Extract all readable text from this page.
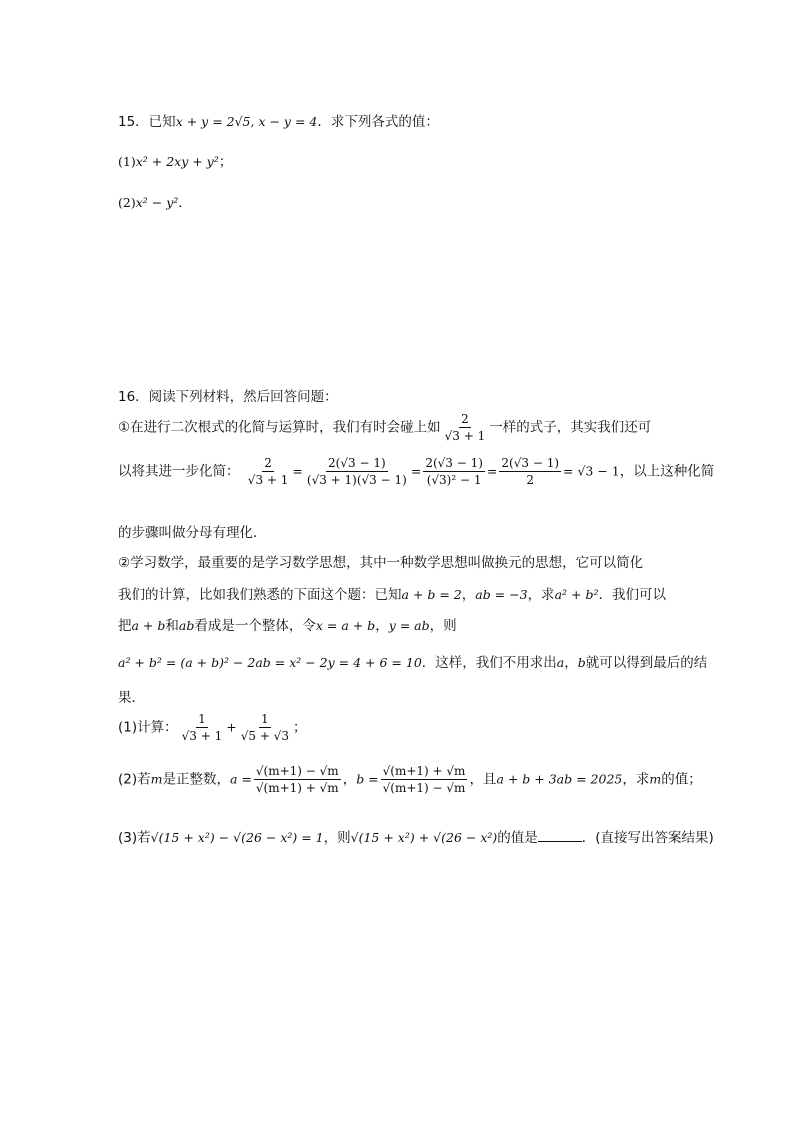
15．已知x + y = 2√5, x − y = 4．求下列各式的值：
(1)x² + 2xy + y²；
(2)x² − y²．
16．阅读下列材料，然后回答问题：
①在进行二次根式的化简与运算时，我们有时会碰上如 $\frac{2}{√3 + 1}$ 一样的式子，其实我们还可
以将其进一步化简： $\frac{2}{√3 + 1} = \frac{2(√3 - 1)}{(√3 + 1)(√3 - 1)} = \frac{2(√3 - 1)}{\text{(√3)² − 1}} = \frac{2(√3 - 1)}{2} = √3 - 1$，以上这种化简
的步骤叫做分母有理化．
②学习数学，最重要的是学习数学思想，其中一种数学思想叫做换元的思想，它可以简化
我们的计算，比如我们熟悉的下面这个题：已知a + b = 2，ab = −3，求a² + b²．我们可以
把a + b和ab看成是一个整体，令x = a + b，y = ab，则
a² + b² = (a + b)² − 2ab = x² − 2y = 4 + 6 = 10．这样，我们不用求出a，b就可以得到最后的结
果．
(1)计算： $\frac{1}{√3 + 1} + \frac{1}{√5 + √3}$ ；
(2)若m是正整数，$a = \frac{√(m+1) - √m}{√(m+1) + √m}$ ，$b = \frac{√(m+1) + √m}{√(m+1) - √m}$ ，且a + b + 3ab = 2025，求m的值；
(3)若√(15 + x²) − √(26 − x²) = 1，则√(15 + x²) + √(26 − x²)的值是	．(直接写出答案结果)
